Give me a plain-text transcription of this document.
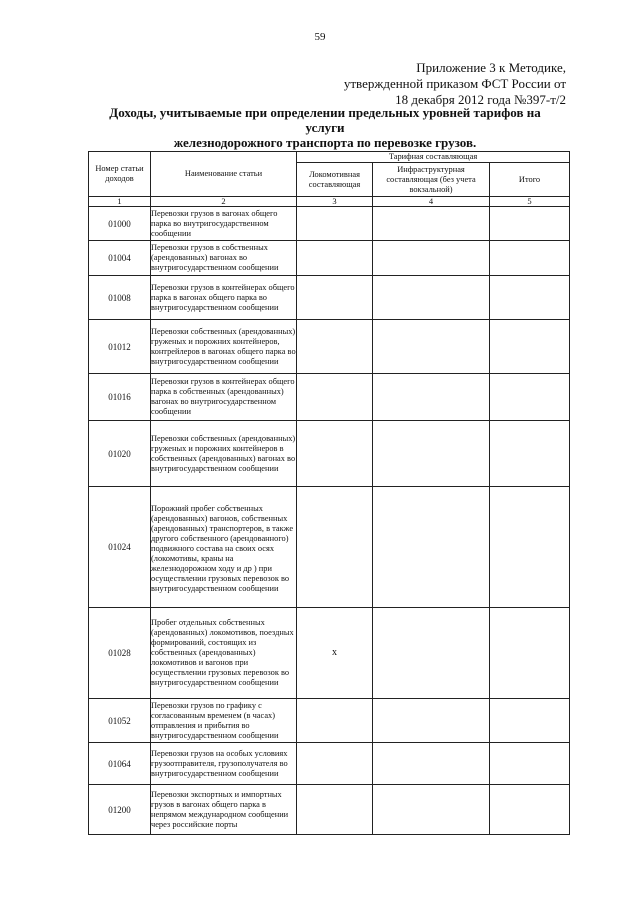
59
Приложение 3 к Методике,
утвержденной приказом ФСТ России от
18 декабря 2012 года №397-т/2
Доходы, учитываемые при определении предельных уровней тарифов на услуги
железнодорожного транспорта по перевозке грузов.
Номер статьи доходов	Наименование статьи	Тарифная составляющая		
		Локомотивная составляющая	Инфраструктурная составляющая (без учета вокзальной)	Итого
1	2	3	4	5
01000	Перевозки грузов в вагонах общего парка во внутригосударственном сообщении			
01004	Перевозки грузов в собственных (арендованных) вагонах во внутригосударственном сообщении			
01008	Перевозки грузов в контейнерах общего парка в вагонах общего парка во внутригосударственном сообщении			
01012	Перевозки собственных (арендованных) груженых и порожних контейнеров, контрейлеров в вагонах общего парка во внутригосударственном сообщении			
01016	Перевозки грузов в контейнерах общего парка в собственных (арендованных) вагонах во внутригосударственном сообщении			
01020	Перевозки собственных (арендованных) груженых и порожних контейнеров в собственных (арендованных) вагонах во внутригосударственном сообщении			
01024	Порожний пробег собственных (арендованных) вагонов, собственных (арендованных) транспортеров, в также другого собственного (арендованного) подвижного состава на своих осях (локомотивы, краны на железнодорожном ходу и др ) при осуществлении грузовых перевозок во внутригосударственном сообщении			
01028	Пробег отдельных собственных (арендованных) локомотивов, поездных формирований, состоящих из собственных (арендованных) локомотивов и вагонов при осуществлении грузовых перевозок во внутригосударственном сообщении	x		
01052	Перевозки грузов по графику с согласованным временем (в часах) отправления и прибытия во внутригосударственном сообщении			
01064	Перевозки грузов на особых условиях грузоотправителя, грузополучателя во внутригосударственном сообщении			
01200	Перевозки экспортных и импортных грузов в вагонах общего парка в непрямом международном сообщении через российские порты			
